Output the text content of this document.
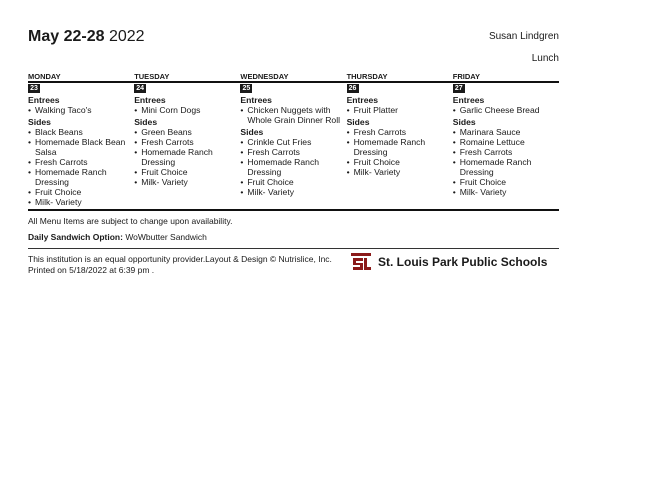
May 22-28 2022	Susan Lindgren
Lunch
MONDAY
23
Entrees
• Walking Taco's
Sides
• Black Beans
• Homemade Black Bean Salsa
• Fresh Carrots
• Homemade Ranch Dressing
• Fruit Choice
• Milk- Variety
TUESDAY
24
Entrees
• Mini Corn Dogs
Sides
• Green Beans
• Fresh Carrots
• Homemade Ranch Dressing
• Fruit Choice
• Milk- Variety
WEDNESDAY
25
Entrees
• Chicken Nuggets with Whole Grain Dinner Roll
Sides
• Crinkle Cut Fries
• Fresh Carrots
• Homemade Ranch Dressing
• Fruit Choice
• Milk- Variety
THURSDAY
26
Entrees
• Fruit Platter
Sides
• Fresh Carrots
• Homemade Ranch Dressing
• Fruit Choice
• Milk- Variety
FRIDAY
27
Entrees
• Garlic Cheese Bread
Sides
• Marinara Sauce
• Romaine Lettuce
• Fresh Carrots
• Homemade Ranch Dressing
• Fruit Choice
• Milk- Variety
All Menu Items are subject to change upon availability.
Daily Sandwich Option: WoWbutter Sandwich
This institution is an equal opportunity provider.Layout & Design © Nutrislice, Inc.
Printed on 5/18/2022 at 6:39 pm .
St. Louis Park Public Schools
